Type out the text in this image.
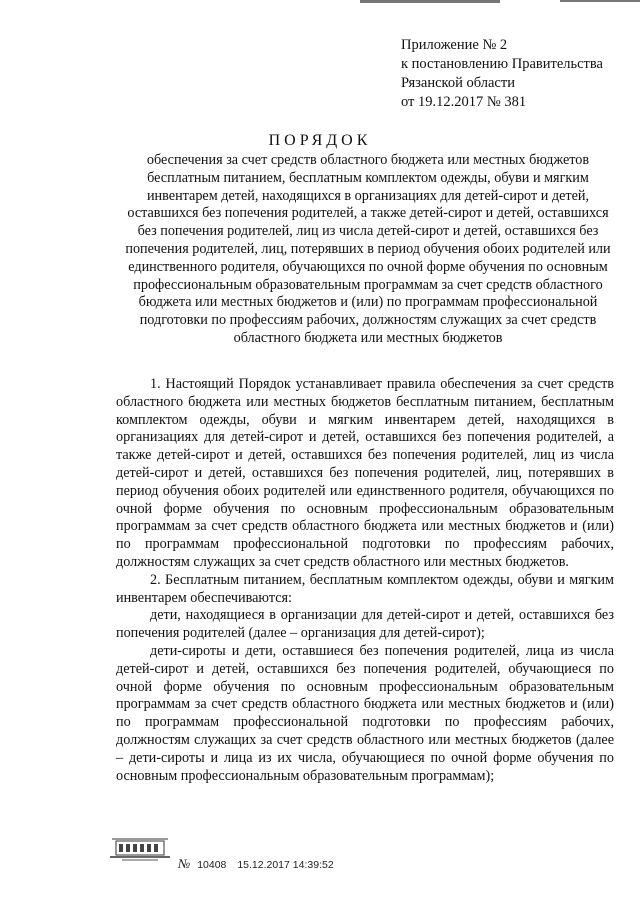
Приложение № 2
к постановлению Правительства
Рязанской области
от 19.12.2017 № 381
ПОРЯДОК
обеспечения за счет средств областного бюджета или местных бюджетов бесплатным питанием, бесплатным комплектом одежды, обуви и мягким инвентарем детей, находящихся в организациях для детей-сирот и детей, оставшихся без попечения родителей, а также детей-сирот и детей, оставшихся без попечения родителей, лиц из числа детей-сирот и детей, оставшихся без попечения родителей, лиц, потерявших в период обучения обоих родителей или единственного родителя, обучающихся по очной форме обучения по основным профессиональным образовательным программам за счет средств областного бюджета или местных бюджетов и (или) по программам профессиональной подготовки по профессиям рабочих, должностям служащих за счет средств областного бюджета или местных бюджетов

1. Настоящий Порядок устанавливает правила обеспечения за счет средств областного бюджета или местных бюджетов бесплатным питанием, бесплатным комплектом одежды, обуви и мягким инвентарем детей, находящихся в организациях для детей-сирот и детей, оставшихся без попечения родителей, а также детей-сирот и детей, оставшихся без попечения родителей, лиц из числа детей-сирот и детей, оставшихся без попечения родителей, лиц, потерявших в период обучения обоих родителей или единственного родителя, обучающихся по очной форме обучения по основным профессиональным образовательным программам за счет средств областного бюджета или местных бюджетов и (или) по программам профессиональной подготовки по профессиям рабочих, должностям служащих за счет средств областного или местных бюджетов.

2. Бесплатным питанием, бесплатным комплектом одежды, обуви и мягким инвентарем обеспечиваются:

дети, находящиеся в организации для детей-сирот и детей, оставшихся без попечения родителей (далее – организация для детей-сирот);

дети-сироты и дети, оставшиеся без попечения родителей, лица из числа детей-сирот и детей, оставшихся без попечения родителей, обучающиеся по очной форме обучения по основным профессиональным образовательным программам за счет средств областного бюджета или местных бюджетов и (или) по программам профессиональной подготовки по профессиям рабочих, должностям служащих за счет средств областного или местных бюджетов (далее – дети-сироты и лица из их числа, обучающиеся по очной форме обучения по основным профессиональным образовательным программам);

№ 10408 15.12.2017 14:39:52
